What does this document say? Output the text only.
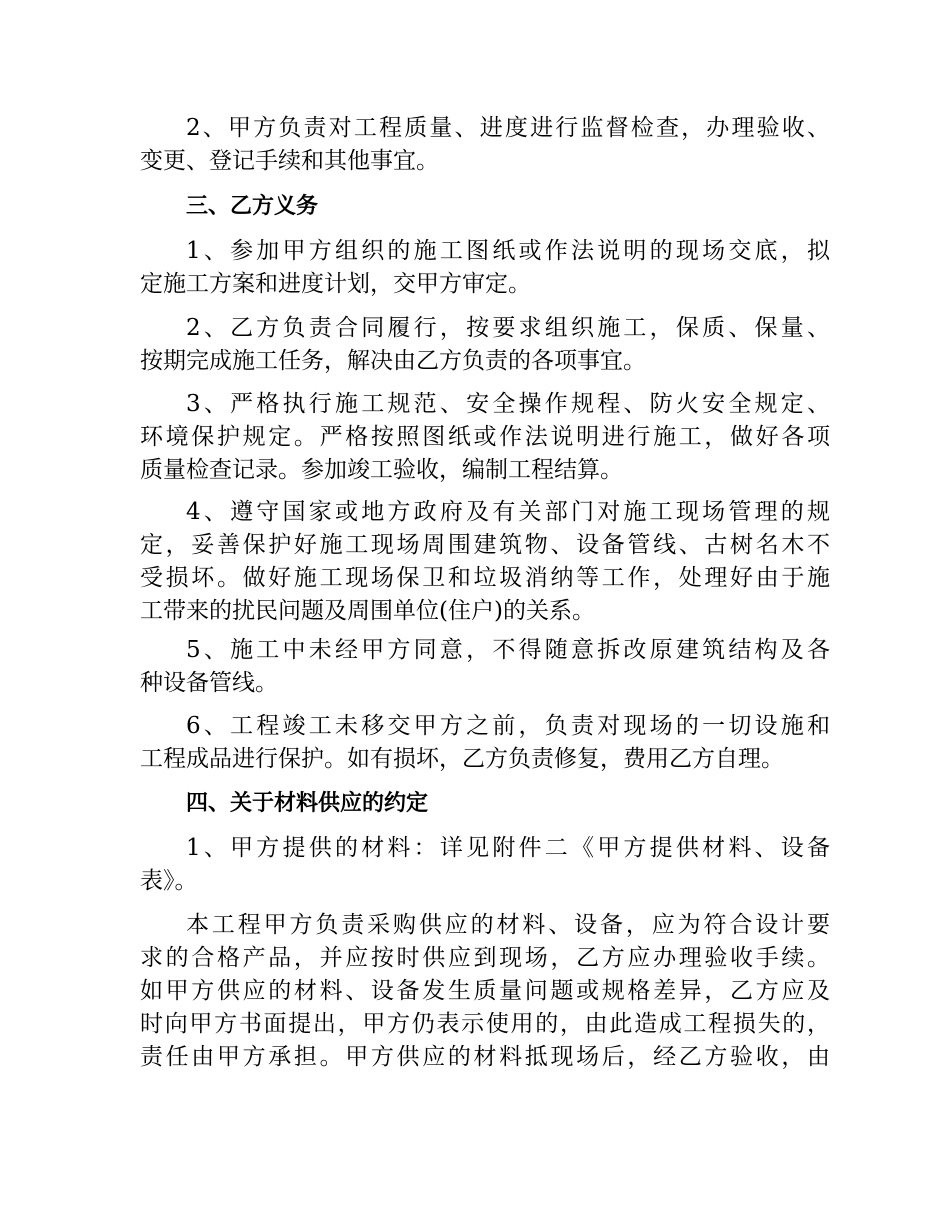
2、甲方负责对工程质量、进度进行监督检查，办理验收、
变更、登记手续和其他事宜。
三、乙方义务
1、参加甲方组织的施工图纸或作法说明的现场交底，拟
定施工方案和进度计划，交甲方审定。
2、乙方负责合同履行，按要求组织施工，保质、保量、
按期完成施工任务，解决由乙方负责的各项事宜。
3、严格执行施工规范、安全操作规程、防火安全规定、
环境保护规定。严格按照图纸或作法说明进行施工，做好各项
质量检查记录。参加竣工验收，编制工程结算。
4、遵守国家或地方政府及有关部门对施工现场管理的规
定，妥善保护好施工现场周围建筑物、设备管线、古树名木不
受损坏。做好施工现场保卫和垃圾消纳等工作，处理好由于施
工带来的扰民问题及周围单位(住户)的关系。
5、施工中未经甲方同意，不得随意拆改原建筑结构及各
种设备管线。
6、工程竣工未移交甲方之前，负责对现场的一切设施和
工程成品进行保护。如有损坏，乙方负责修复，费用乙方自理。
四、关于材料供应的约定
1、甲方提供的材料：详见附件二《甲方提供材料、设备
表》。
本工程甲方负责采购供应的材料、设备，应为符合设计要
求的合格产品，并应按时供应到现场，乙方应办理验收手续。
如甲方供应的材料、设备发生质量问题或规格差异，乙方应及
时向甲方书面提出，甲方仍表示使用的，由此造成工程损失的，
责任由甲方承担。甲方供应的材料抵现场后，经乙方验收，由
